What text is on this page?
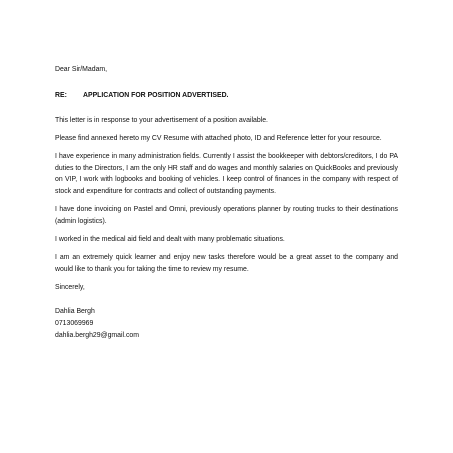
Dear Sir/Madam,

RE:	APPLICATION FOR POSITION ADVERTISED.

This letter is in response to your advertisement of a position available.

Please find annexed hereto my CV Resume with attached photo, ID and Reference letter for your resource.

I have experience in many administration fields. Currently I assist the bookkeeper with debtors/creditors, I do PA duties to the Directors, I am the only HR staff and do wages and monthly salaries on QuickBooks and previously on VIP, I work with logbooks and booking of vehicles. I keep control of finances in the company with respect of stock and expenditure for contracts and collect of outstanding payments.

I have done invoicing on Pastel and Omni, previously operations planner by routing trucks to their destinations (admin logistics).

I worked in the medical aid field and dealt with many problematic situations.

I am an extremely quick learner and enjoy new tasks therefore would be a great asset to the company and would like to thank you for taking the time to review my resume.

Sincerely,

Dahlia Bergh

0713069969

dahlia.bergh29@gmail.com
